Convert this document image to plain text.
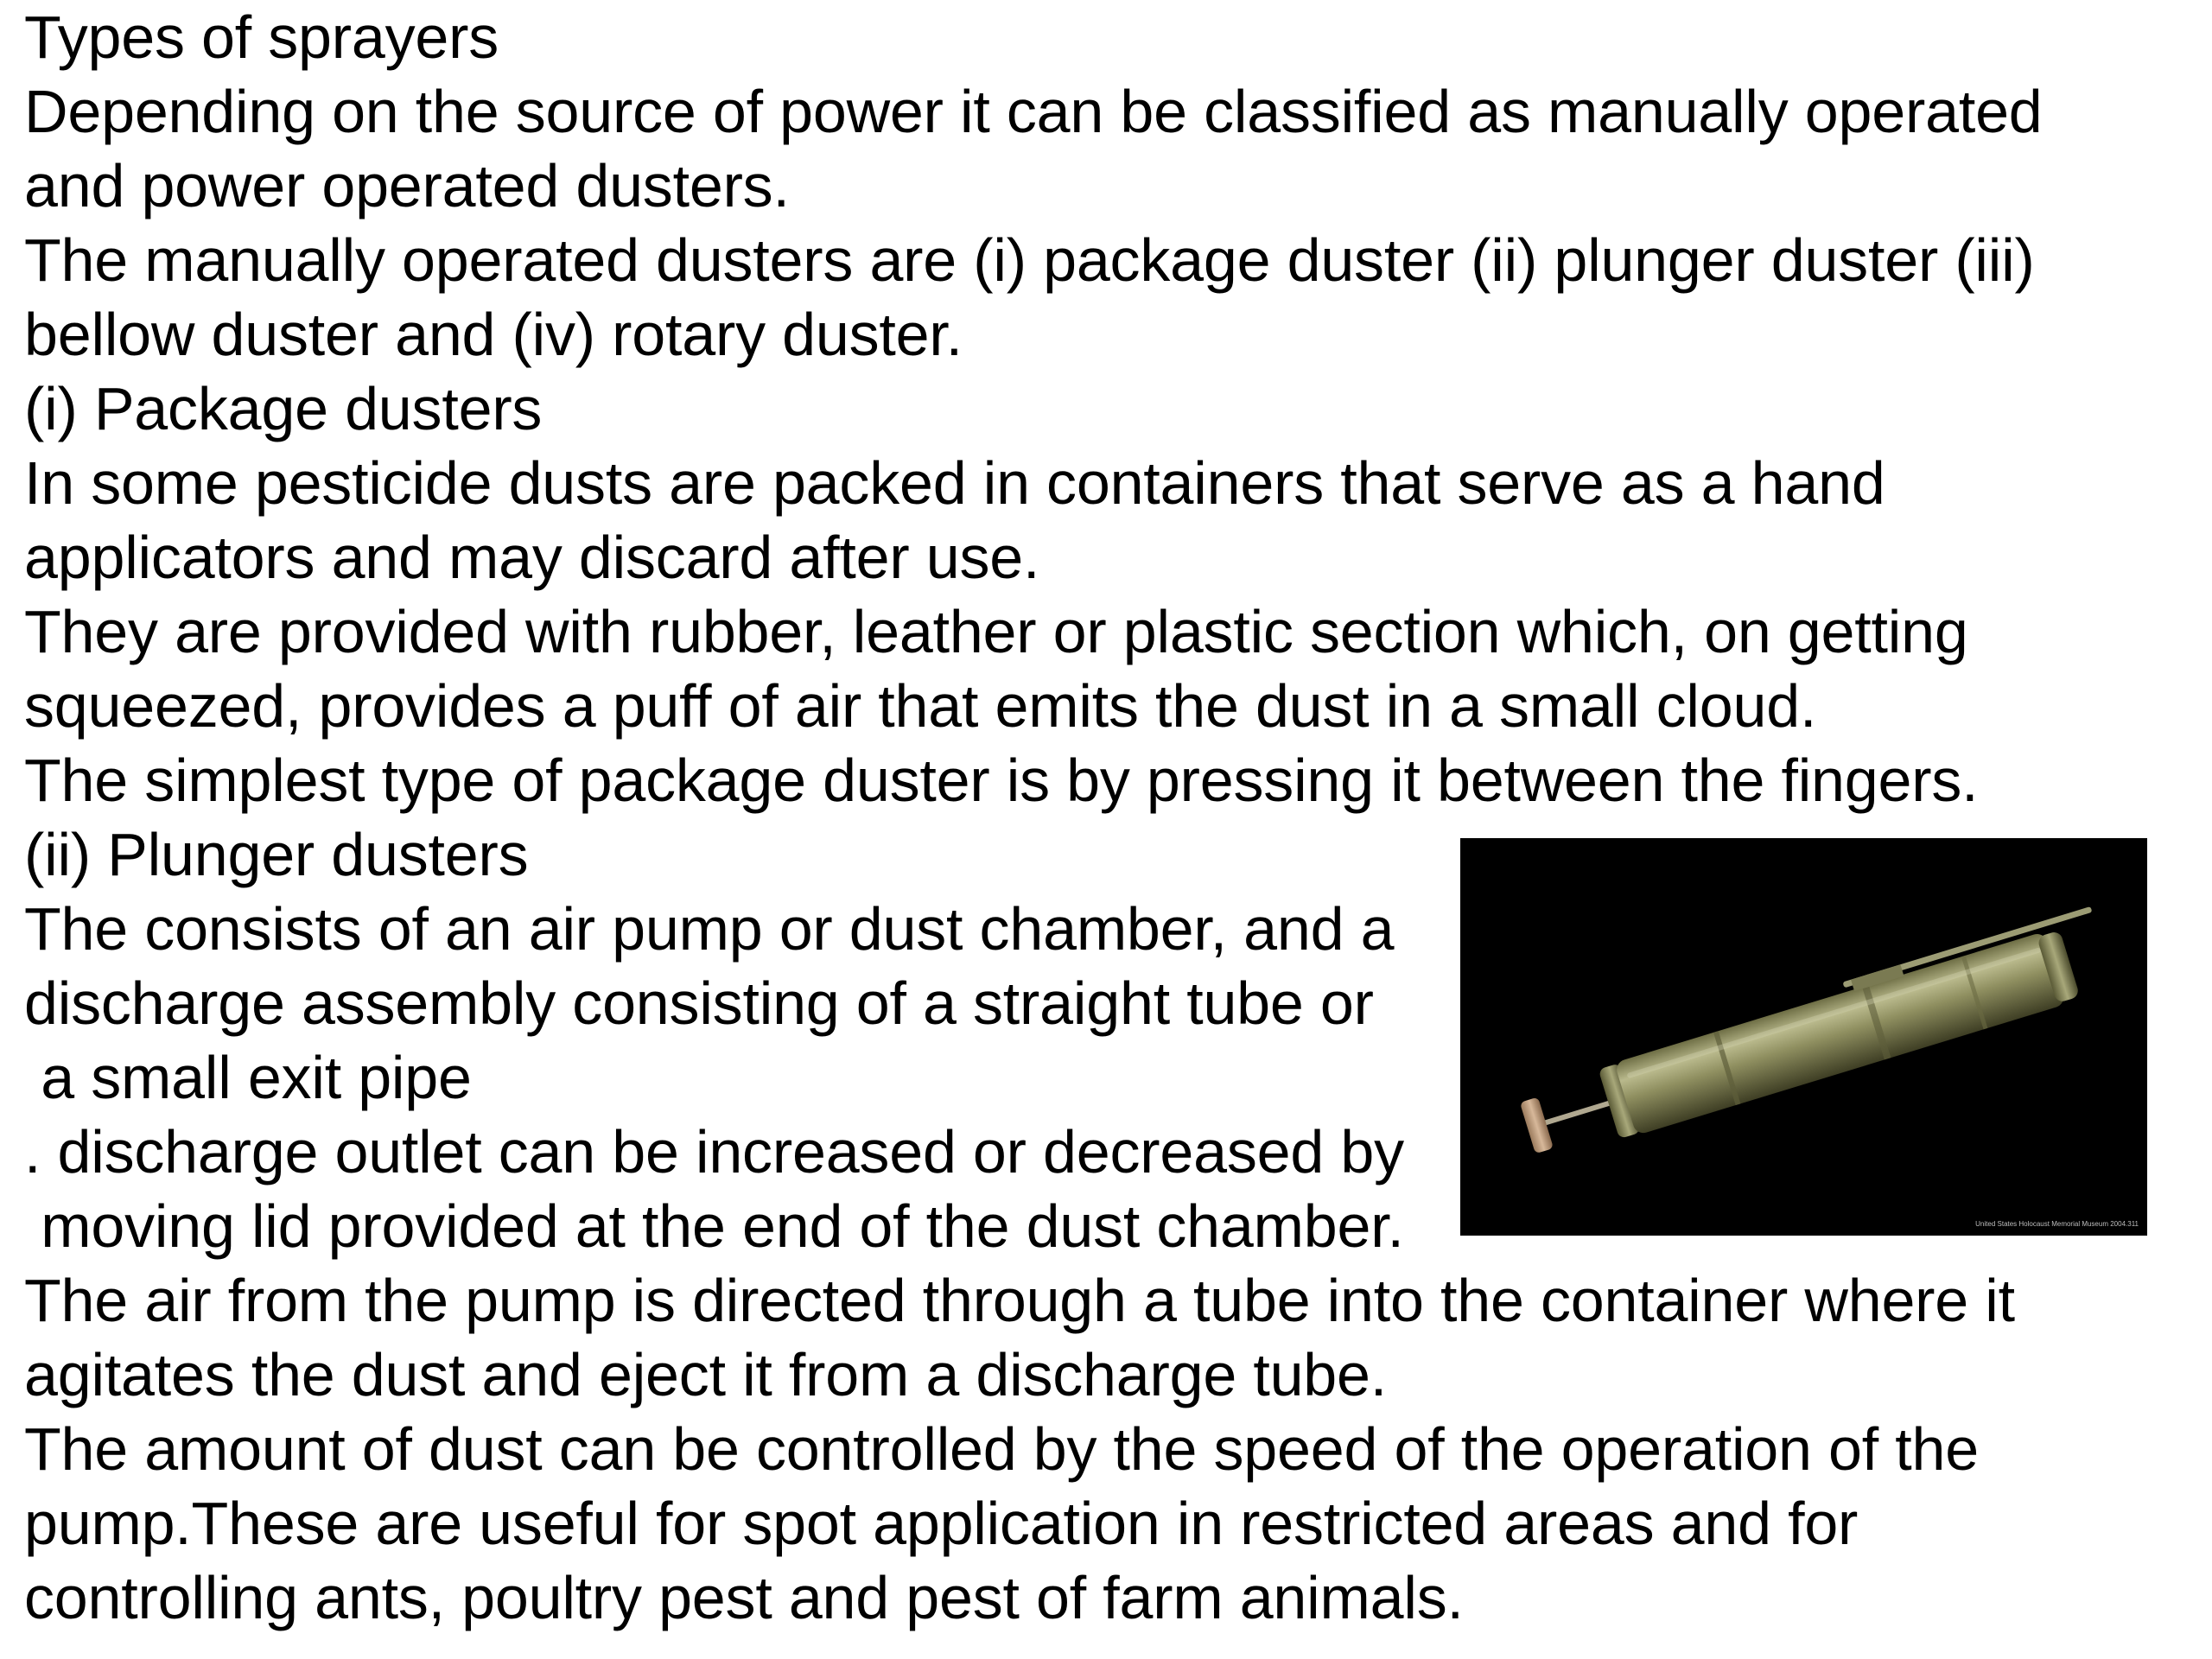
Types of sprayers
Depending on the source of power it can be classified as manually operated
and power operated dusters.
The manually operated dusters are (i) package duster (ii) plunger duster (iii)
bellow duster and (iv) rotary duster.
(i) Package dusters
In some pesticide dusts are packed in containers that serve as a hand
applicators and may discard after use.
They are provided with rubber, leather or plastic section which, on getting
squeezed, provides a puff of air that emits the dust in a small cloud.
The simplest type of package duster is by pressing it between the fingers.
(ii) Plunger dusters
The consists of an air pump or dust chamber, and a
discharge assembly consisting of a straight tube or
a small exit pipe
. discharge outlet can be increased or decreased by
moving lid provided at the end of the dust chamber.
The air from the pump is directed through a tube into the container where it
agitates the dust and eject it from a discharge tube.
The amount of dust can be controlled by the speed of the operation of the
pump.These are useful for spot application in restricted areas and for
controlling ants, poultry pest and pest of farm animals.
United States Holocaust Memorial Museum 2004.311
